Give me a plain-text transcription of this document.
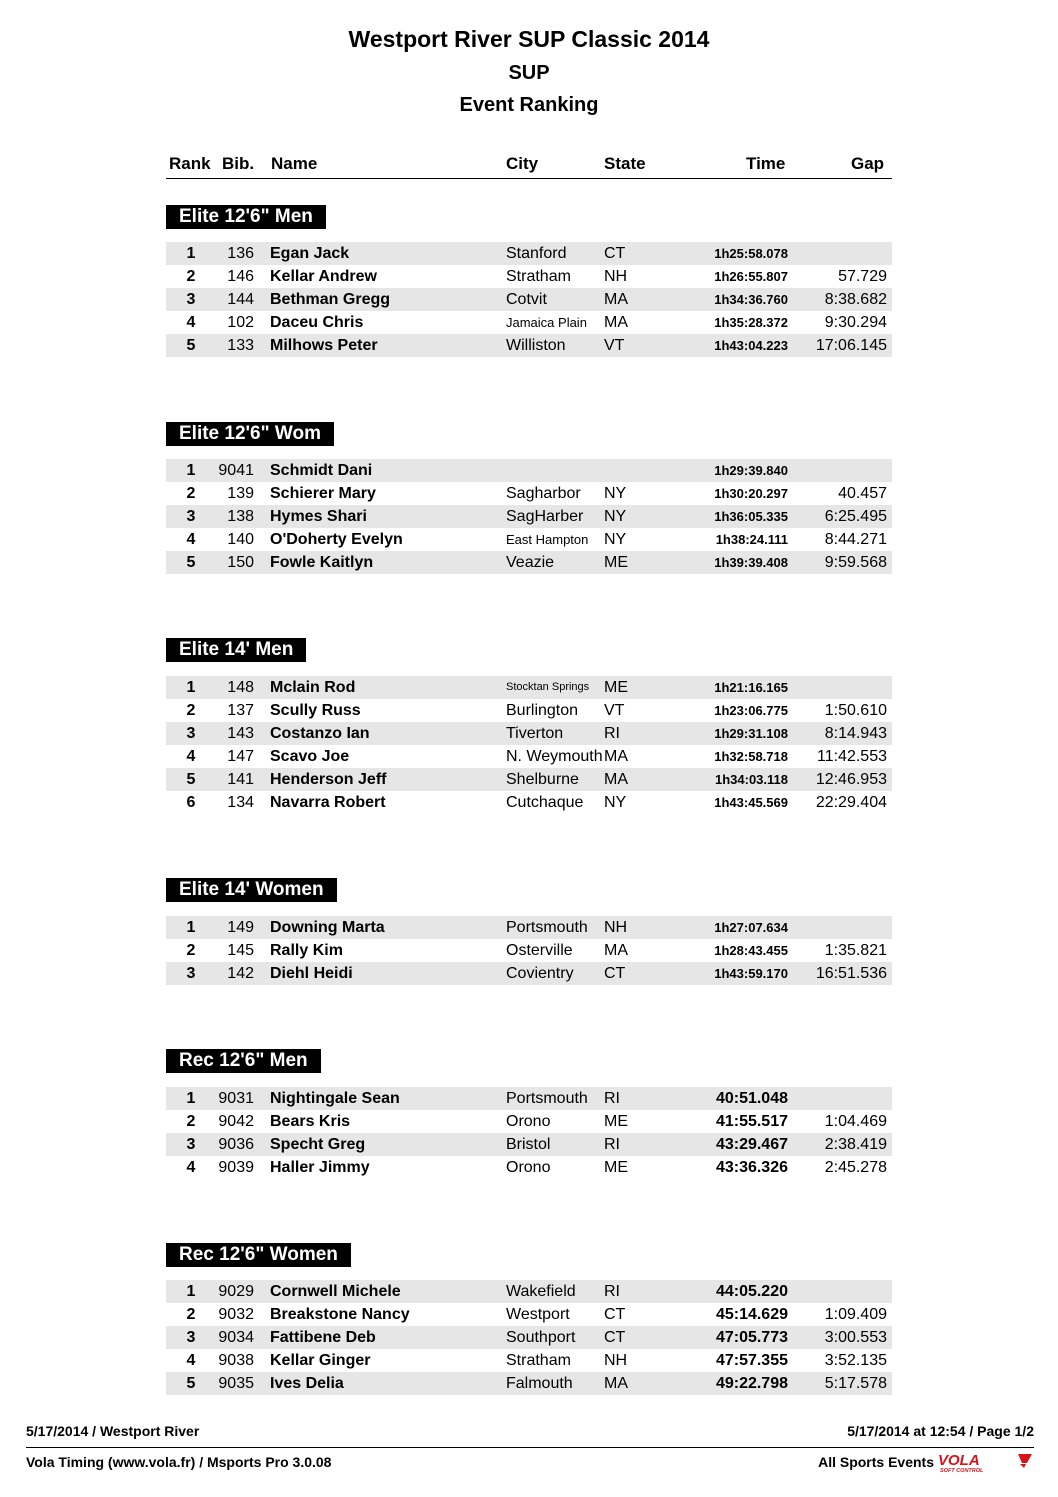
Westport River SUP Classic 2014
SUP
Event Ranking
Rank Bib. Name	City	State	Time	Gap
Elite 12'6" Men
1	136 Egan Jack	Stanford CT	1h25:58.078
2	146 Kellar Andrew	Stratham NH	1h26:55.807	57.729
3	144 Bethman Gregg	Cotvit	MA	1h34:36.760	8:38.682
4	102 Daceu Chris	Jamaica Plain MA	1h35:28.372	9:30.294
5	133 Milhows Peter	Williston VT	1h43:04.223	17:06.145
Elite 12'6" Wom
1	9041 Schmidt Dani	1h29:39.840
2	139 Schierer Mary	Sagharbor NY	1h30:20.297	40.457
3	138 Hymes Shari	SagHarber NY	1h36:05.335	6:25.495
4	140 O'Doherty Evelyn	East Hampton NY	1h38:24.111	8:44.271
5	150 Fowle Kaitlyn	Veazie	ME	1h39:39.408	9:59.568
Elite 14' Men
1	148 Mclain Rod	Stocktan Springs ME	1h21:16.165
2	137 Scully Russ	Burlington VT	1h23:06.775	1:50.610
3	143 Costanzo Ian	Tiverton	RI	1h29:31.108	8:14.943
4	147 Scavo Joe	N. Weymouth MA	1h32:58.718	11:42.553
5	141 Henderson Jeff	Shelburne MA	1h34:03.118	12:46.953
6	134 Navarra Robert	Cutchaque NY	1h43:45.569	22:29.404
Elite 14' Women
1	149 Downing Marta	Portsmouth NH	1h27:07.634
2	145 Rally Kim	Osterville MA	1h28:43.455	1:35.821
3	142 Diehl Heidi	Covientry CT	1h43:59.170	16:51.536
Rec 12'6" Men
1	9031 Nightingale Sean	Portsmouth RI	40:51.048
2	9042 Bears Kris	Orono	ME	41:55.517	1:04.469
3	9036 Specht Greg	Bristol	RI	43:29.467	2:38.419
4	9039 Haller Jimmy	Orono	ME	43:36.326	2:45.278
Rec 12'6" Women
1	9029 Cornwell Michele	Wakefield RI	44:05.220
2	9032 Breakstone Nancy	Westport CT	45:14.629	1:09.409
3	9034 Fattibene Deb	Southport CT	47:05.773	3:00.553
4	9038 Kellar Ginger	Stratham NH	47:57.355	3:52.135
5	9035 Ives Delia	Falmouth MA	49:22.798	5:17.578
5/17/2014 / Westport River	5/17/2014 at 12:54 / Page 1/2
Vola Timing (www.vola.fr) / Msports Pro 3.0.08	All Sports Events VOLA
SOFT CONTROL
